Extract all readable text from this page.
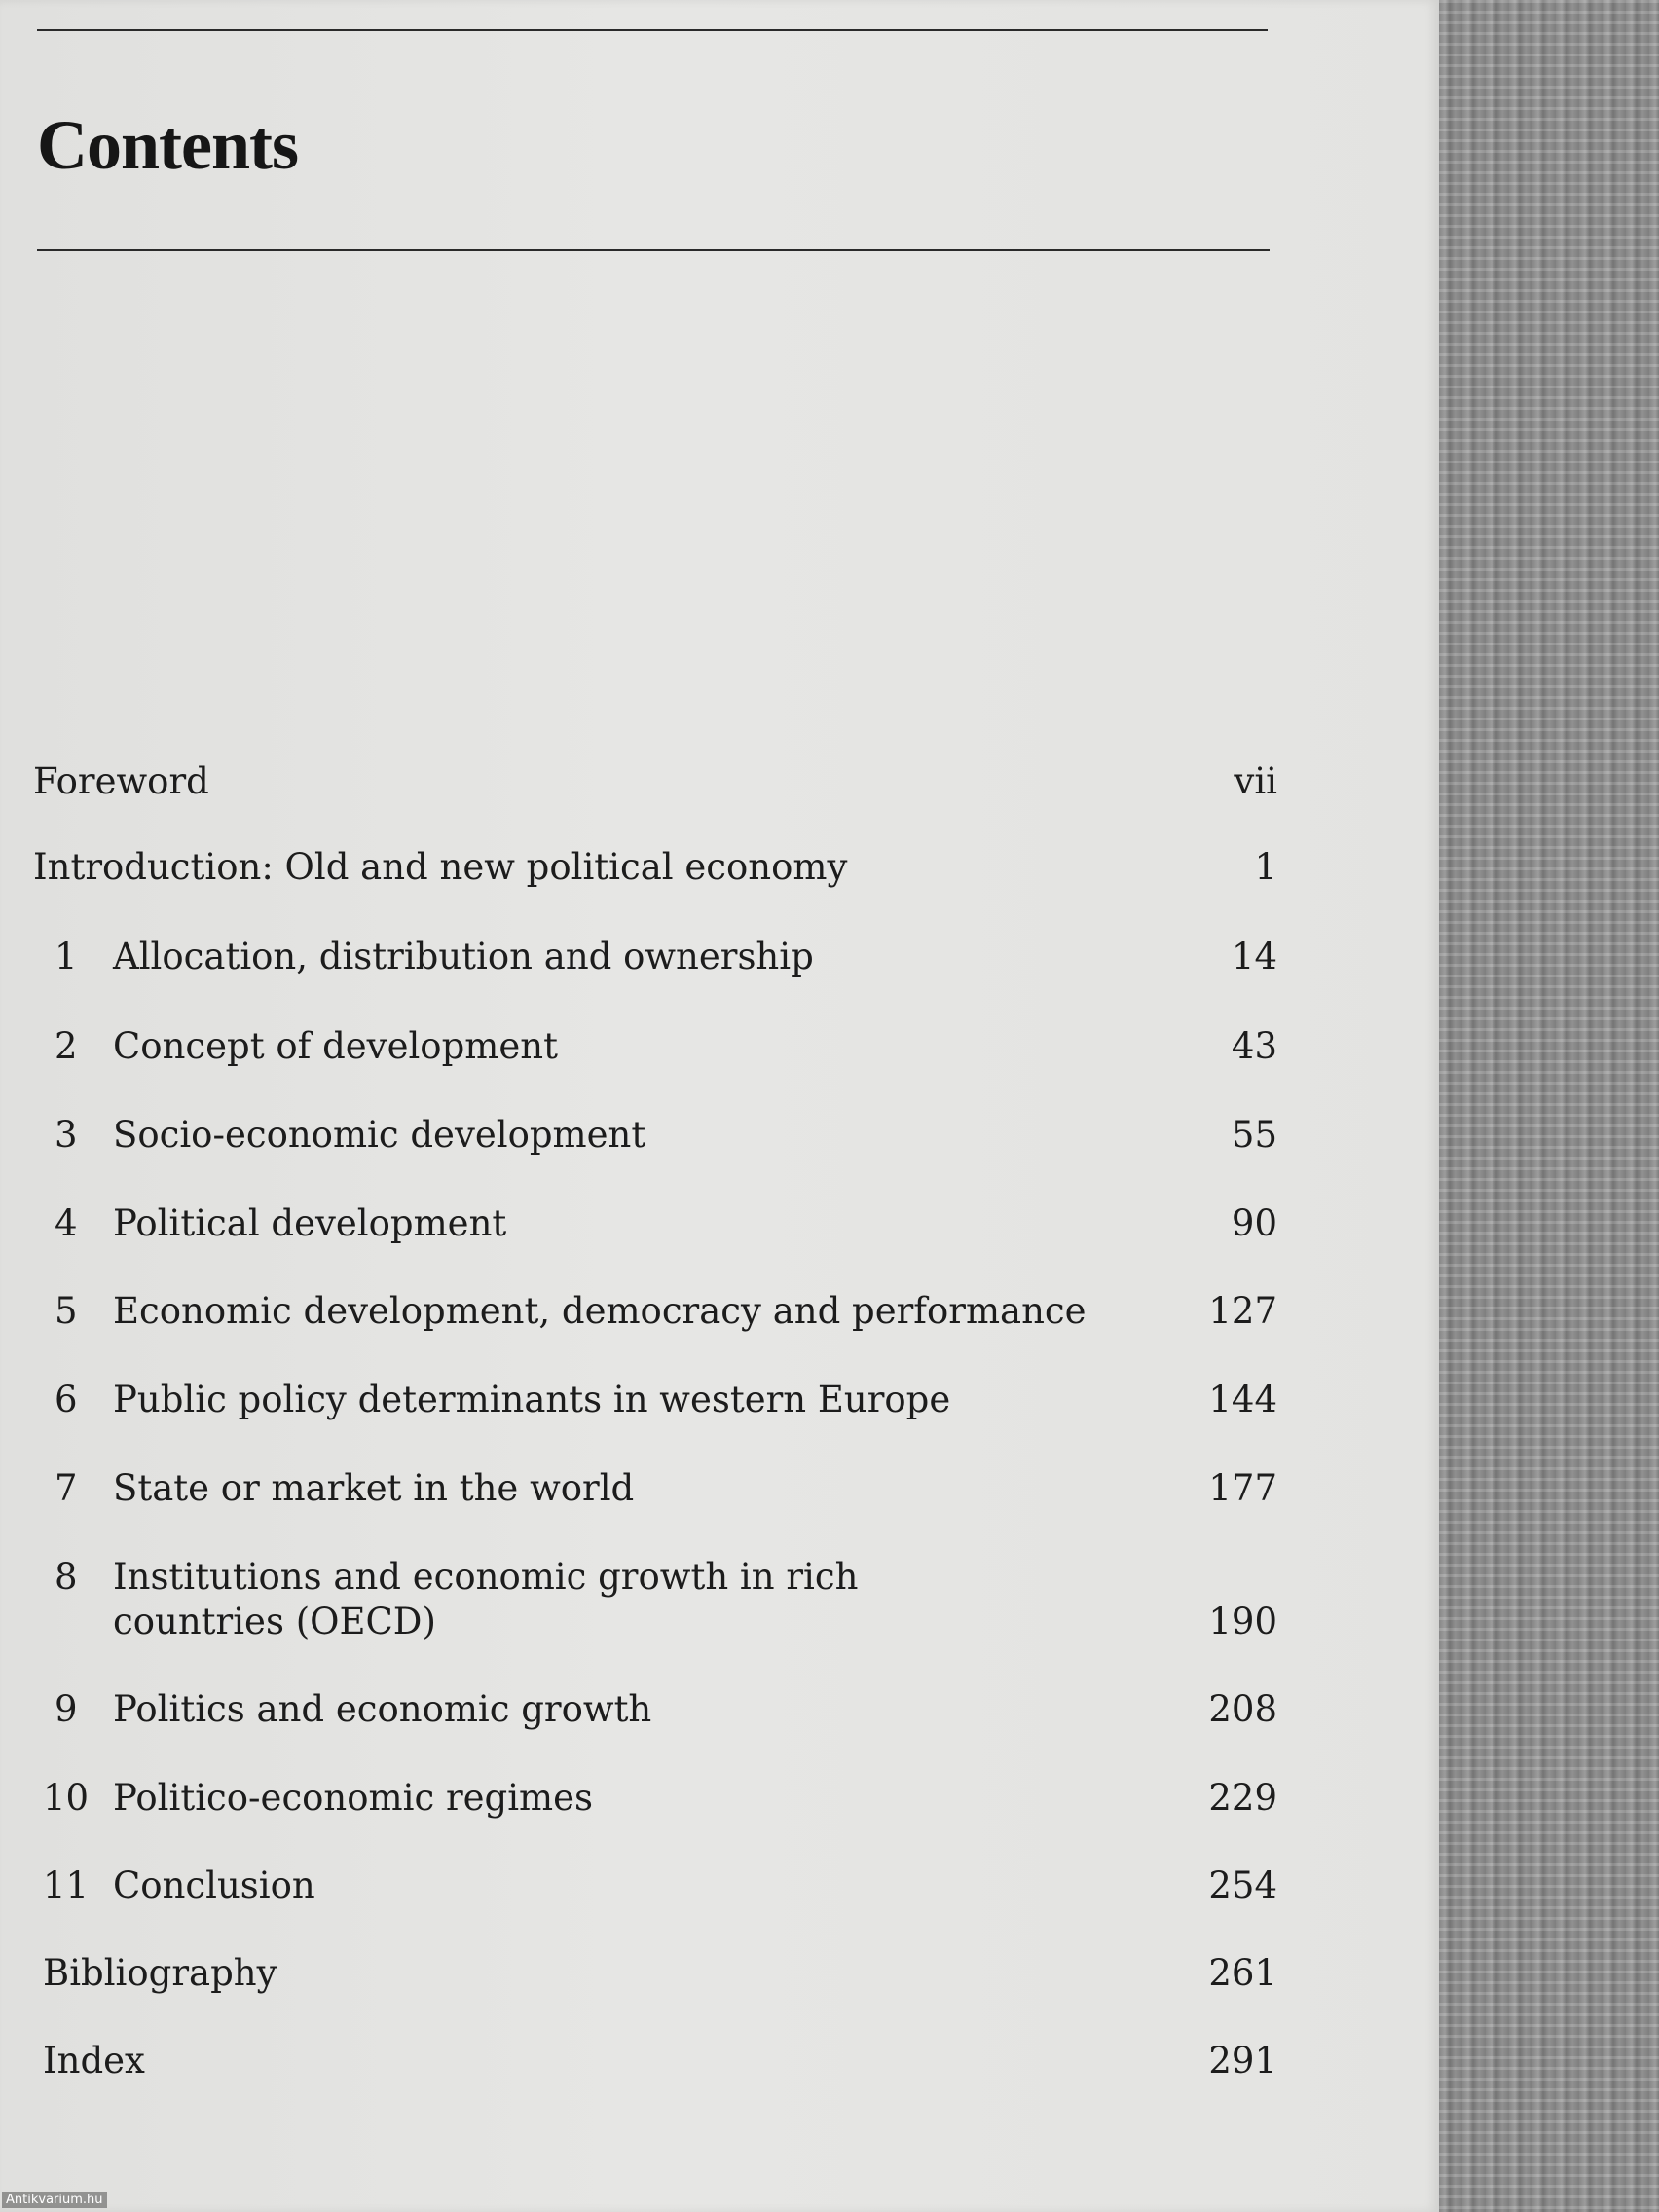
Contents
Foreword	vii
Introduction: Old and new political economy	1
1 Allocation, distribution and ownership	14
2 Concept of development	43
3 Socio-economic development	55
4 Political development	90
5 Economic development, democracy and performance	127
6 Public policy determinants in western Europe	144
7 State or market in the world	177
8 Institutions and economic growth in rich
countries (OECD)	190
9 Politics and economic growth	208
10 Politico-economic regimes	229
11 Conclusion	254
Bibliography	261
Index	291
Antikvarium.hu
